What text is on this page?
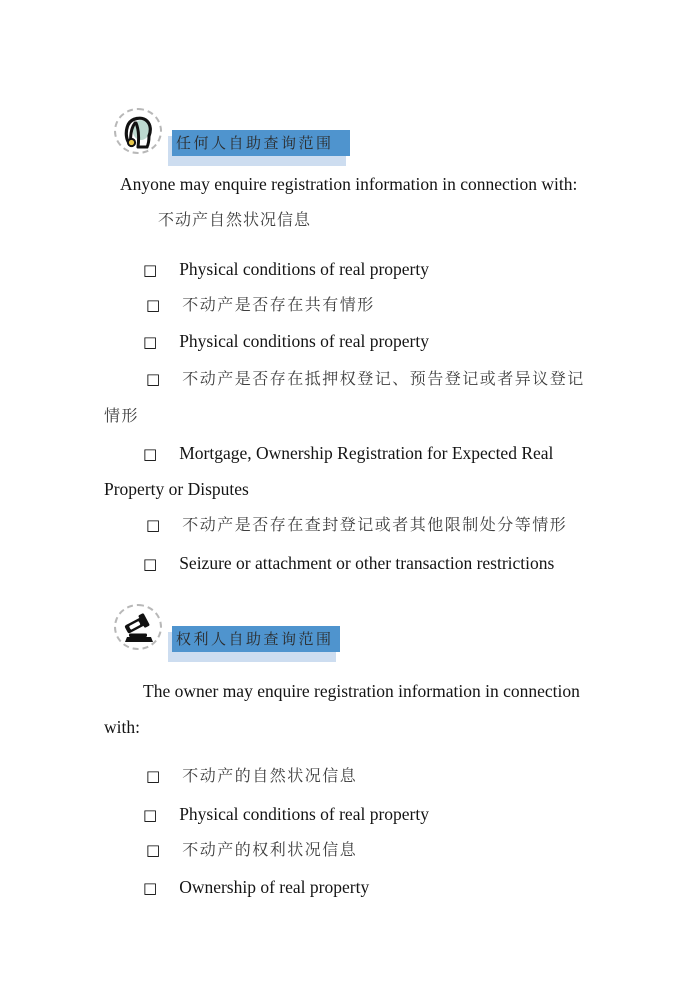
任何人自助查询范围
Anyone may enquire registration information in connection with:
不动产自然状况信息
□ Physical conditions of real property
□ 不动产是否存在共有情形
□ Physical conditions of real property
□ 不动产是否存在抵押权登记、预告登记或者异议登记
情形
□ Mortgage, Ownership Registration for Expected Real
Property or Disputes
□ 不动产是否存在查封登记或者其他限制处分等情形
□ Seizure or attachment or other transaction restrictions
权利人自助查询范围
The owner may enquire registration information in connection
with:
□ 不动产的自然状况信息
□ Physical conditions of real property
□ 不动产的权利状况信息
□ Ownership of real property
